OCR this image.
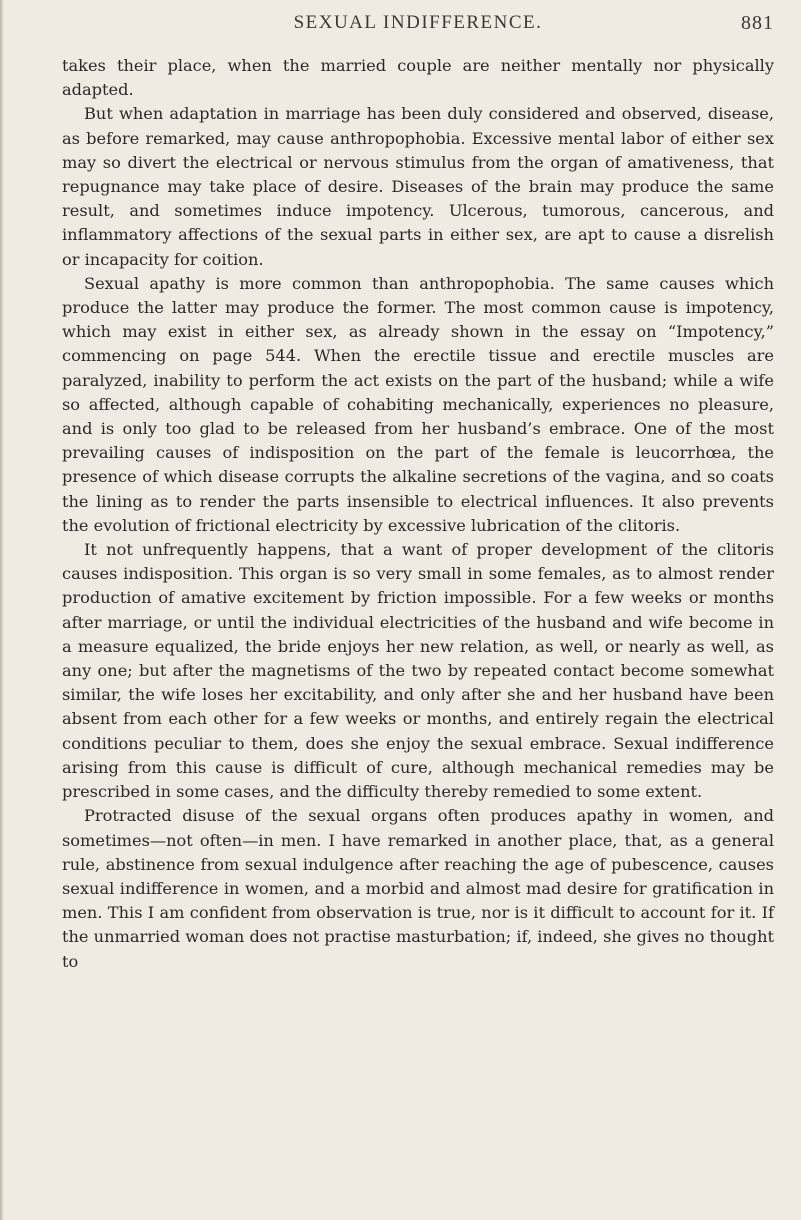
SEXUAL INDIFFERENCE.	881

takes their place, when the married couple are neither mentally nor physically adapted.

But when adaptation in marriage has been duly considered and observed, disease, as before remarked, may cause anthropophobia. Excessive mental labor of either sex may so divert the electrical or nervous stimulus from the organ of amativeness, that repugnance may take place of desire. Diseases of the brain may produce the same result, and sometimes induce impotency. Ulcerous, tumorous, cancerous, and inflammatory affections of the sexual parts in either sex, are apt to cause a disrelish or incapacity for coition.

Sexual apathy is more common than anthropophobia. The same causes which produce the latter may produce the former. The most common cause is impotency, which may exist in either sex, as already shown in the essay on “Impotency,” commencing on page 544. When the erectile tissue and erectile muscles are paralyzed, inability to perform the act exists on the part of the husband; while a wife so affected, although capable of cohabiting mechanically, experiences no pleasure, and is only too glad to be released from her husband’s embrace. One of the most prevailing causes of indisposition on the part of the female is leucorrhœa, the presence of which disease corrupts the alkaline secretions of the vagina, and so coats the lining as to render the parts insensible to electrical influences. It also prevents the evolution of frictional electricity by excessive lubrication of the clitoris.

It not unfrequently happens, that a want of proper development of the clitoris causes indisposition. This organ is so very small in some females, as to almost render production of amative excitement by friction impossible. For a few weeks or months after marriage, or until the individual electricities of the husband and wife become in a measure equalized, the bride enjoys her new relation, as well, or nearly as well, as any one; but after the magnetisms of the two by repeated contact become somewhat similar, the wife loses her excitability, and only after she and her husband have been absent from each other for a few weeks or months, and entirely regain the electrical conditions peculiar to them, does she enjoy the sexual embrace. Sexual indifference arising from this cause is difficult of cure, although mechanical remedies may be prescribed in some cases, and the difficulty thereby remedied to some extent.

Protracted disuse of the sexual organs often produces apathy in women, and sometimes—not often—in men. I have remarked in another place, that, as a general rule, abstinence from sexual indulgence after reaching the age of pubescence, causes sexual indifference in women, and a morbid and almost mad desire for gratification in men. This I am confident from observation is true, nor is it difficult to account for it. If the unmarried woman does not practise masturbation; if, indeed, she gives no thought to
